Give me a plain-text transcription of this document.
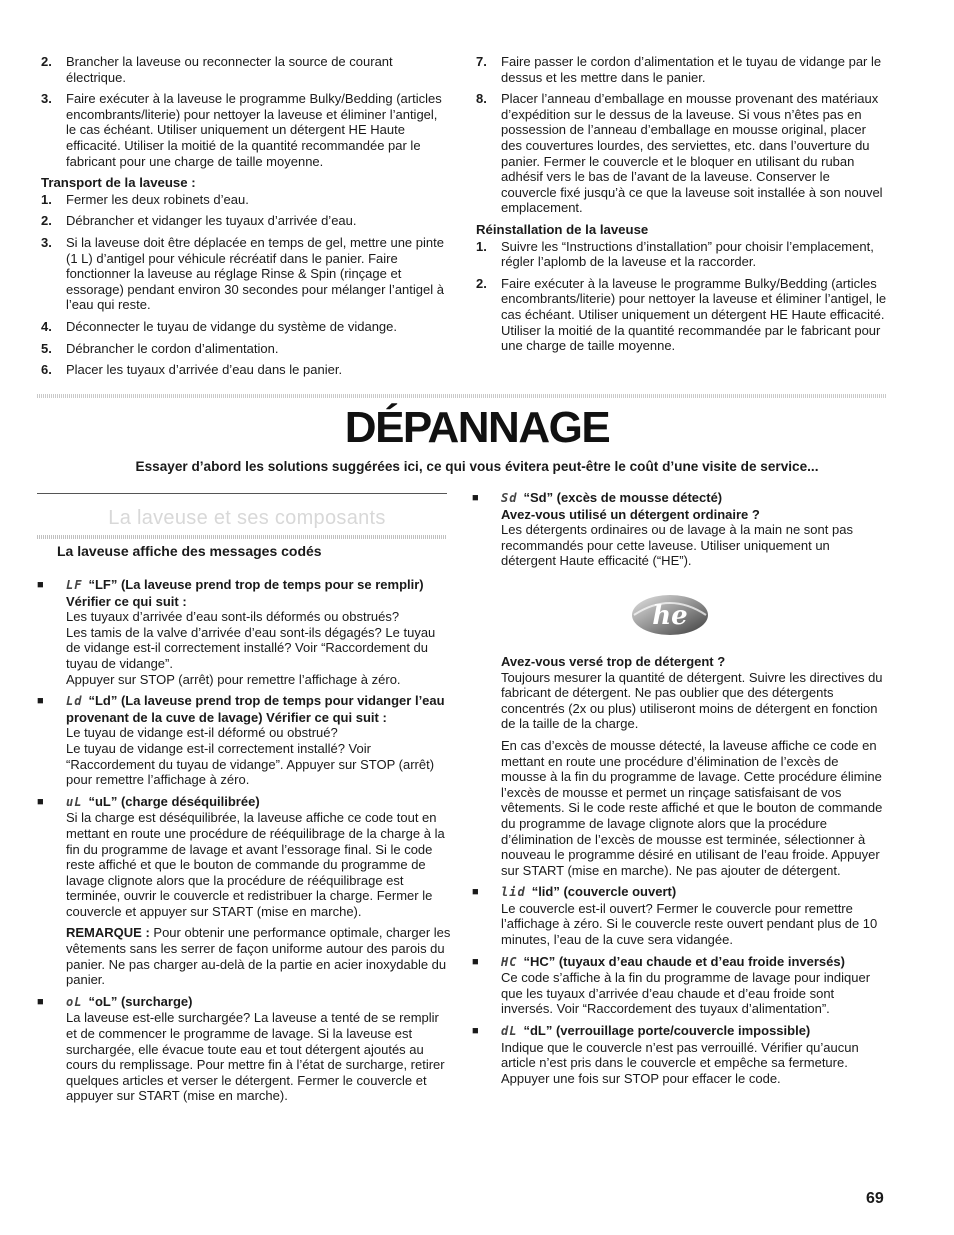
2. Brancher la laveuse ou reconnecter la source de courant électrique.
3. Faire exécuter à la laveuse le programme Bulky/Bedding (articles encombrants/literie) pour nettoyer la laveuse et éliminer l’antigel, le cas échéant. Utiliser uniquement un détergent HE Haute efficacité. Utiliser la moitié de la quantité recommandée par le fabricant pour une charge de taille moyenne.
Transport de la laveuse :
1. Fermer les deux robinets d’eau.
2. Débrancher et vidanger les tuyaux d’arrivée d’eau.
3. Si la laveuse doit être déplacée en temps de gel, mettre une pinte (1 L) d’antigel pour véhicule récréatif dans le panier. Faire fonctionner la laveuse au réglage Rinse & Spin (rinçage et essorage) pendant environ 30 secondes pour mélanger l’antigel à l’eau qui reste.
4. Déconnecter le tuyau de vidange du système de vidange.
5. Débrancher le cordon d’alimentation.
6. Placer les tuyaux d’arrivée d’eau dans le panier.
7. Faire passer le cordon d’alimentation et le tuyau de vidange par le dessus et les mettre dans le panier.
8. Placer l’anneau d’emballage en mousse provenant des matériaux d’expédition sur le dessus de la laveuse. Si vous n’êtes pas en possession de l’anneau d’emballage en mousse original, placer des couvertures lourdes, des serviettes, etc. dans l’ouverture du panier. Fermer le couvercle et le bloquer en utilisant du ruban adhésif vers le bas de l’avant de la laveuse. Conserver le couvercle fixé jusqu’à ce que la laveuse soit installée à son nouvel emplacement.
Réinstallation de la laveuse
1. Suivre les “Instructions d’installation” pour choisir l’emplacement, régler l’aplomb de la laveuse et la raccorder.
2. Faire exécuter à la laveuse le programme Bulky/Bedding (articles encombrants/literie) pour nettoyer la laveuse et éliminer l’antigel, le cas échéant. Utiliser uniquement un détergent HE Haute efficacité. Utiliser la moitié de la quantité recommandée par le fabricant pour une charge de taille moyenne.
DÉPANNAGE
Essayer d’abord les solutions suggérées ici, ce qui vous évitera peut-être le coût d’une visite de service...
La laveuse et ses composants
La laveuse affiche des messages codés
■ LF “LF” (La laveuse prend trop de temps pour se remplir) Vérifier ce qui suit :
Les tuyaux d’arrivée d’eau sont-ils déformés ou obstrués?
Les tamis de la valve d’arrivée d’eau sont-ils dégagés? Le tuyau de vidange est-il correctement installé? Voir “Raccordement du tuyau de vidange”.
Appuyer sur STOP (arrêt) pour remettre l’affichage à zéro.
■ Ld “Ld” (La laveuse prend trop de temps pour vidanger l’eau provenant de la cuve de lavage) Vérifier ce qui suit :
Le tuyau de vidange est-il déformé ou obstrué?
Le tuyau de vidange est-il correctement installé? Voir “Raccordement du tuyau de vidange”. Appuyer sur STOP (arrêt) pour remettre l’affichage à zéro.
■ uL “uL” (charge déséquilibrée)

Si la charge est déséquilibrée, la laveuse affiche ce code tout en mettant en route une procédure de rééquilibrage de la charge à la fin du programme de lavage et avant l’essorage final. Si le code reste affiché et que le bouton de commande du programme de lavage clignote alors que la procédure de rééquilibrage est terminée, ouvrir le couvercle et redistribuer la charge. Fermer le couvercle et appuyer sur START (mise en marche).

REMARQUE : Pour obtenir une performance optimale, charger les vêtements sans les serrer de façon uniforme autour des parois du panier. Ne pas charger au-delà de la partie en acier inoxydable du panier.

■ oL “oL” (surcharge)
La laveuse est-elle surchargée? La laveuse a tenté de se remplir et de commencer le programme de lavage. Si la laveuse est surchargée, elle évacue toute eau et tout détergent ajoutés au cours du remplissage. Pour mettre fin à l’état de surcharge, retirer quelques articles et verser le détergent. Fermer le couvercle et appuyer sur START (mise en marche).
■ Sd “Sd” (excès de mousse détecté)
Avez-vous utilisé un détergent ordinaire ?
Les détergents ordinaires ou de lavage à la main ne sont pas recommandés pour cette laveuse. Utiliser uniquement un détergent Haute efficacité (“HE”).
he
Avez-vous versé trop de détergent ?

Toujours mesurer la quantité de détergent. Suivre les directives du fabricant de détergent. Ne pas oublier que des détergents concentrés (2x ou plus) utiliseront moins de détergent en fonction de la taille de la charge.

En cas d’excès de mousse détecté, la laveuse affiche ce code en mettant en route une procédure d’élimination de l’excès de mousse à la fin du programme de lavage. Cette procédure élimine l’excès de mousse et permet un rinçage satisfaisant de vos vêtements. Si le code reste affiché et que le bouton de commande du programme de lavage clignote alors que la procédure d’élimination de l’excès de mousse est terminée, sélectionner à nouveau le programme désiré en utilisant de l’eau froide. Appuyer sur START (mise en marche). Ne pas ajouter de détergent.
■ lid “lid” (couvercle ouvert)
Le couvercle est-il ouvert? Fermer le couvercle pour remettre l’affichage à zéro. Si le couvercle reste ouvert pendant plus de 10 minutes, l’eau de la cuve sera vidangée.
■ HC “HC” (tuyaux d’eau chaude et d’eau froide inversés)
Ce code s’affiche à la fin du programme de lavage pour indiquer que les tuyaux d’arrivée d’eau chaude et d’eau froide sont inversés. Voir “Raccordement des tuyaux d’alimentation”.
■ dL “dL” (verrouillage porte/couvercle impossible)
Indique que le couvercle n’est pas verrouillé. Vérifier qu’aucun article n’est pris dans le couvercle et empêche sa fermeture. Appuyer une fois sur STOP pour effacer le code.
69
